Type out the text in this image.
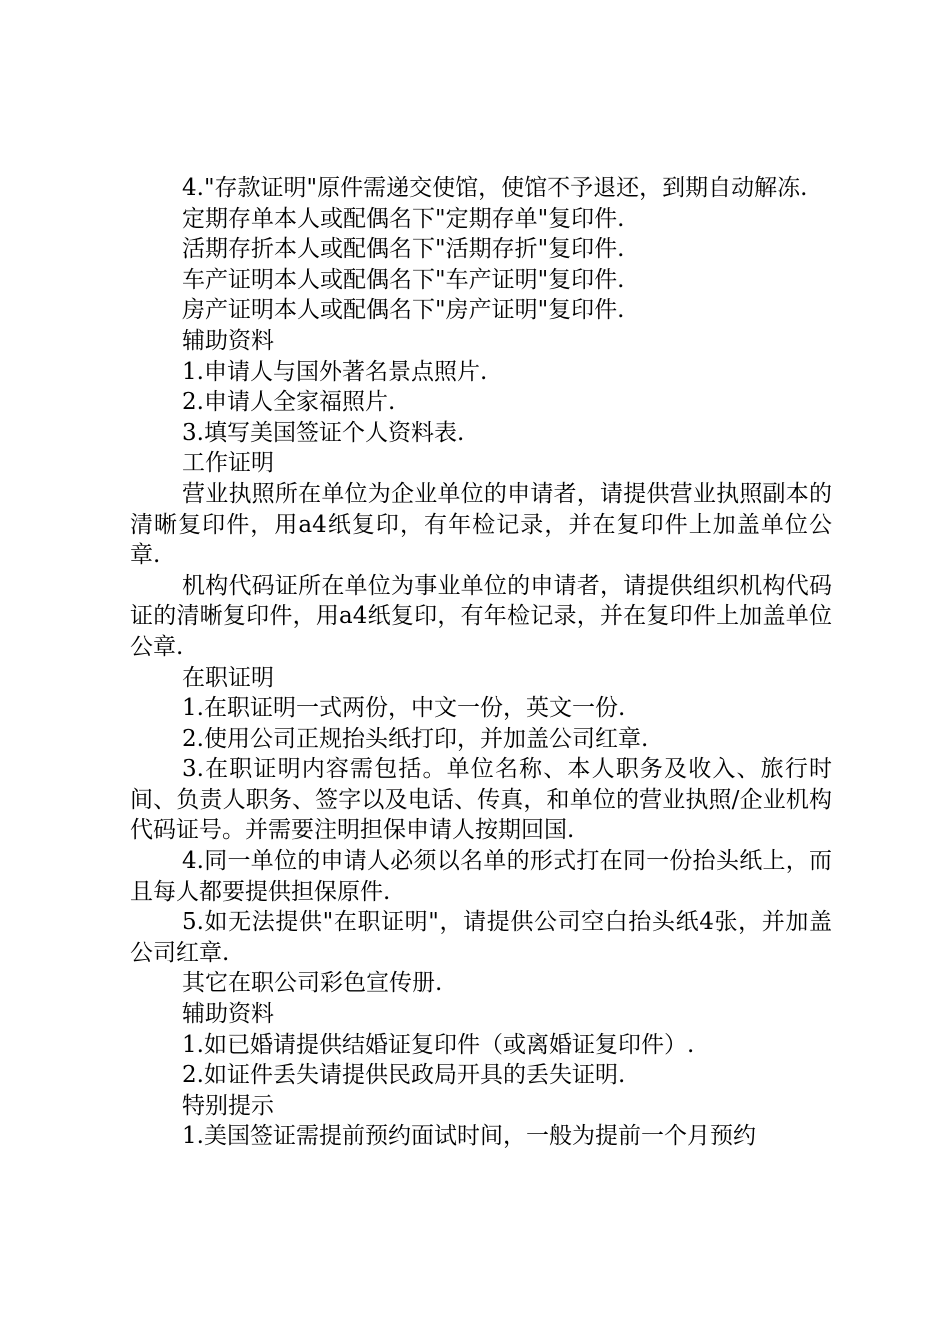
4."存款证明"原件需递交使馆，使馆不予退还，到期自动解冻.

定期存单本人或配偶名下"定期存单"复印件.

活期存折本人或配偶名下"活期存折"复印件.

车产证明本人或配偶名下"车产证明"复印件.

房产证明本人或配偶名下"房产证明"复印件.

辅助资料

1.申请人与国外著名景点照片.

2.申请人全家福照片.

3.填写美国签证个人资料表.

工作证明

营业执照所在单位为企业单位的申请者，请提供营业执照副本的清晰复印件，用a4纸复印，有年检记录，并在复印件上加盖单位公章.

机构代码证所在单位为事业单位的申请者，请提供组织机构代码证的清晰复印件，用a4纸复印，有年检记录，并在复印件上加盖单位公章.

在职证明

1.在职证明一式两份，中文一份，英文一份.

2.使用公司正规抬头纸打印，并加盖公司红章.

3.在职证明内容需包括。单位名称、本人职务及收入、旅行时间、负责人职务、签字以及电话、传真，和单位的营业执照/企业机构代码证号。并需要注明担保申请人按期回国.

4.同一单位的申请人必须以名单的形式打在同一份抬头纸上，而且每人都要提供担保原件.

5.如无法提供"在职证明"，请提供公司空白抬头纸4张，并加盖公司红章.

其它在职公司彩色宣传册.

辅助资料

1.如已婚请提供结婚证复印件（或离婚证复印件）.

2.如证件丢失请提供民政局开具的丢失证明.

特别提示

1.美国签证需提前预约面试时间，一般为提前一个月预约
